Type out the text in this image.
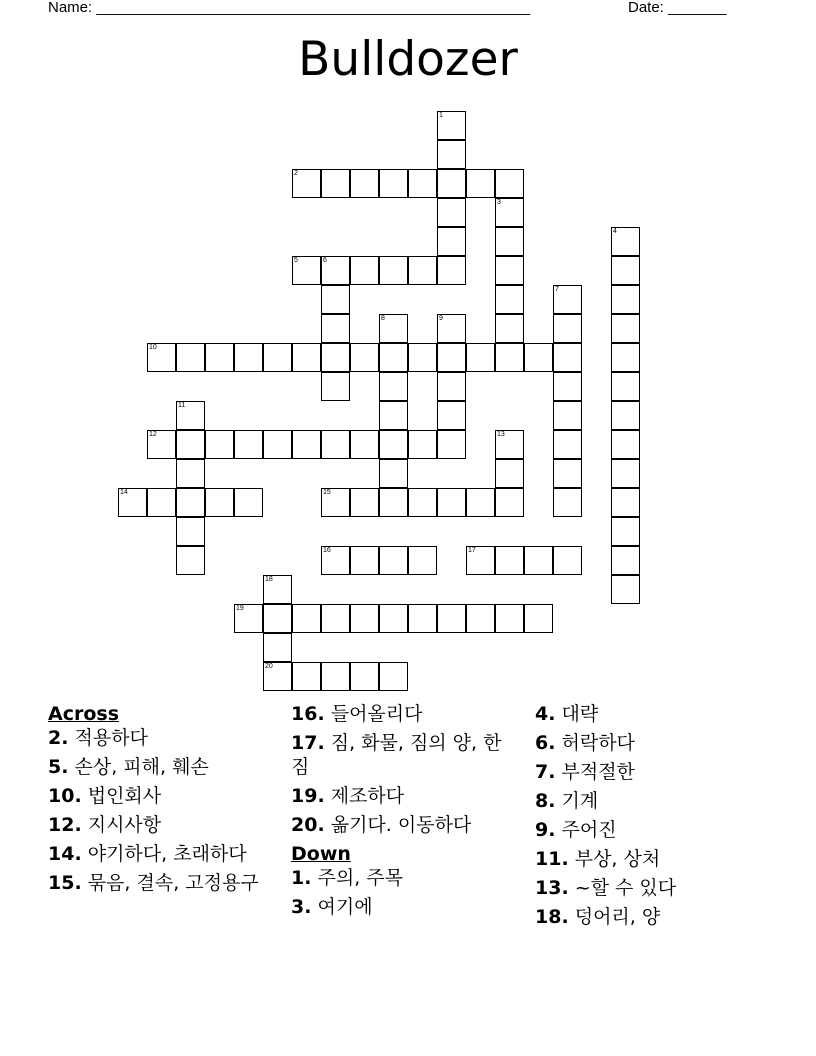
Name: ____________________________________________________	Date: _______
Bulldozer
1
2
3
4
5	6
7
8	9
10
11
12	13
14	15
16	17
18
20
19
Across
2. 적용하다
5. 손상, 피해, 훼손
10. 법인회사
12. 지시사항
14. 야기하다, 초래하다
15. 묶음, 결속, 고정용구
16. 들어올리다
17. 짐, 화물, 짐의 양, 한 짐
19. 제조하다
20. 옮기다. 이동하다
Down
1. 주의, 주목
3. 여기에
4. 대략
6. 허락하다
7. 부적절한
8. 기계
9. 주어진
11. 부상, 상처
13. ~할 수 있다
18. 덩어리, 양
